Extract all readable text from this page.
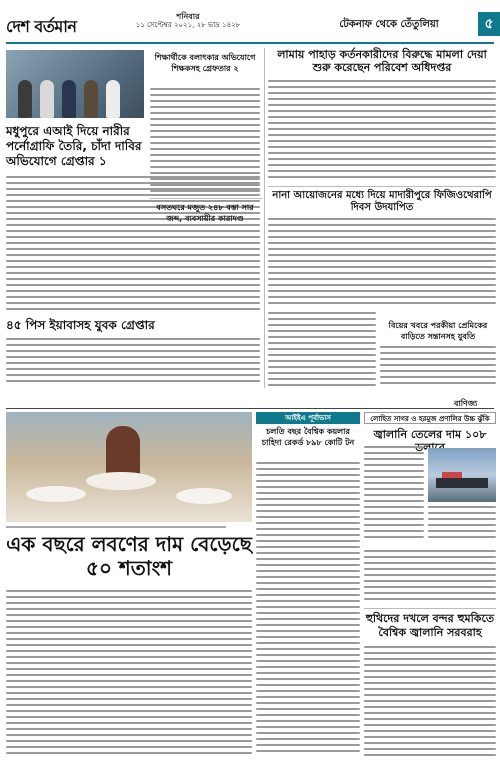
দেশ বর্তমান
শনিবার
১১ সেপ্টেম্বর ২০২১, ২৮ ভাদ্র ১৪২৮	টেকনাফ থেকে তেঁতুলিয়া	৫
শিক্ষার্থীকে বলাৎকার অভিযোগে শিক্ষকসহ গ্রেফতার ২
মধুপুরে এআই দিয়ে নারীর পর্নোগ্রাফি তৈরি, চাঁদা দাবির অভিযোগে গ্রেপ্তার ১
৪৫ পিস ইয়াবাসহ যুবক গ্রেপ্তার
লামায় পাহাড় কর্তনকারীদের বিরুদ্ধে মামলা দেয়া শুরু করেছেন পরিবেশ অধিদপ্তর
বসতঘরে মজুত ২৪৮ বস্তা সার জব্দ, ব্যবসায়ীর কারাদণ্ড
নানা আয়োজনের মধ্যে দিয়ে মাদারীপুরে ফিজিওথেরাপি দিবস উদযাপিত
বিয়ের খবরে পরকীয়া প্রেমিকের বাড়িতে সন্তানসহ যুবতি
বাণিজ্য
এক বছরে লবণের দাম বেড়েছে ৫০ শতাংশ
আইইএ পূর্বাভাস
চলতি বছর বৈশ্বিক কয়লার চাহিদা রেকর্ড ৮৯৮ কোটি টন
লোহিত সাগর ও হরমুজ প্রণালির উচ্চ ঝুঁকি
জ্বালানি তেলের দাম ১০৮
হুথিদের দখলে বন্দর হুমকিতে বৈশ্বিক জ্বালানি সরবরাহ
